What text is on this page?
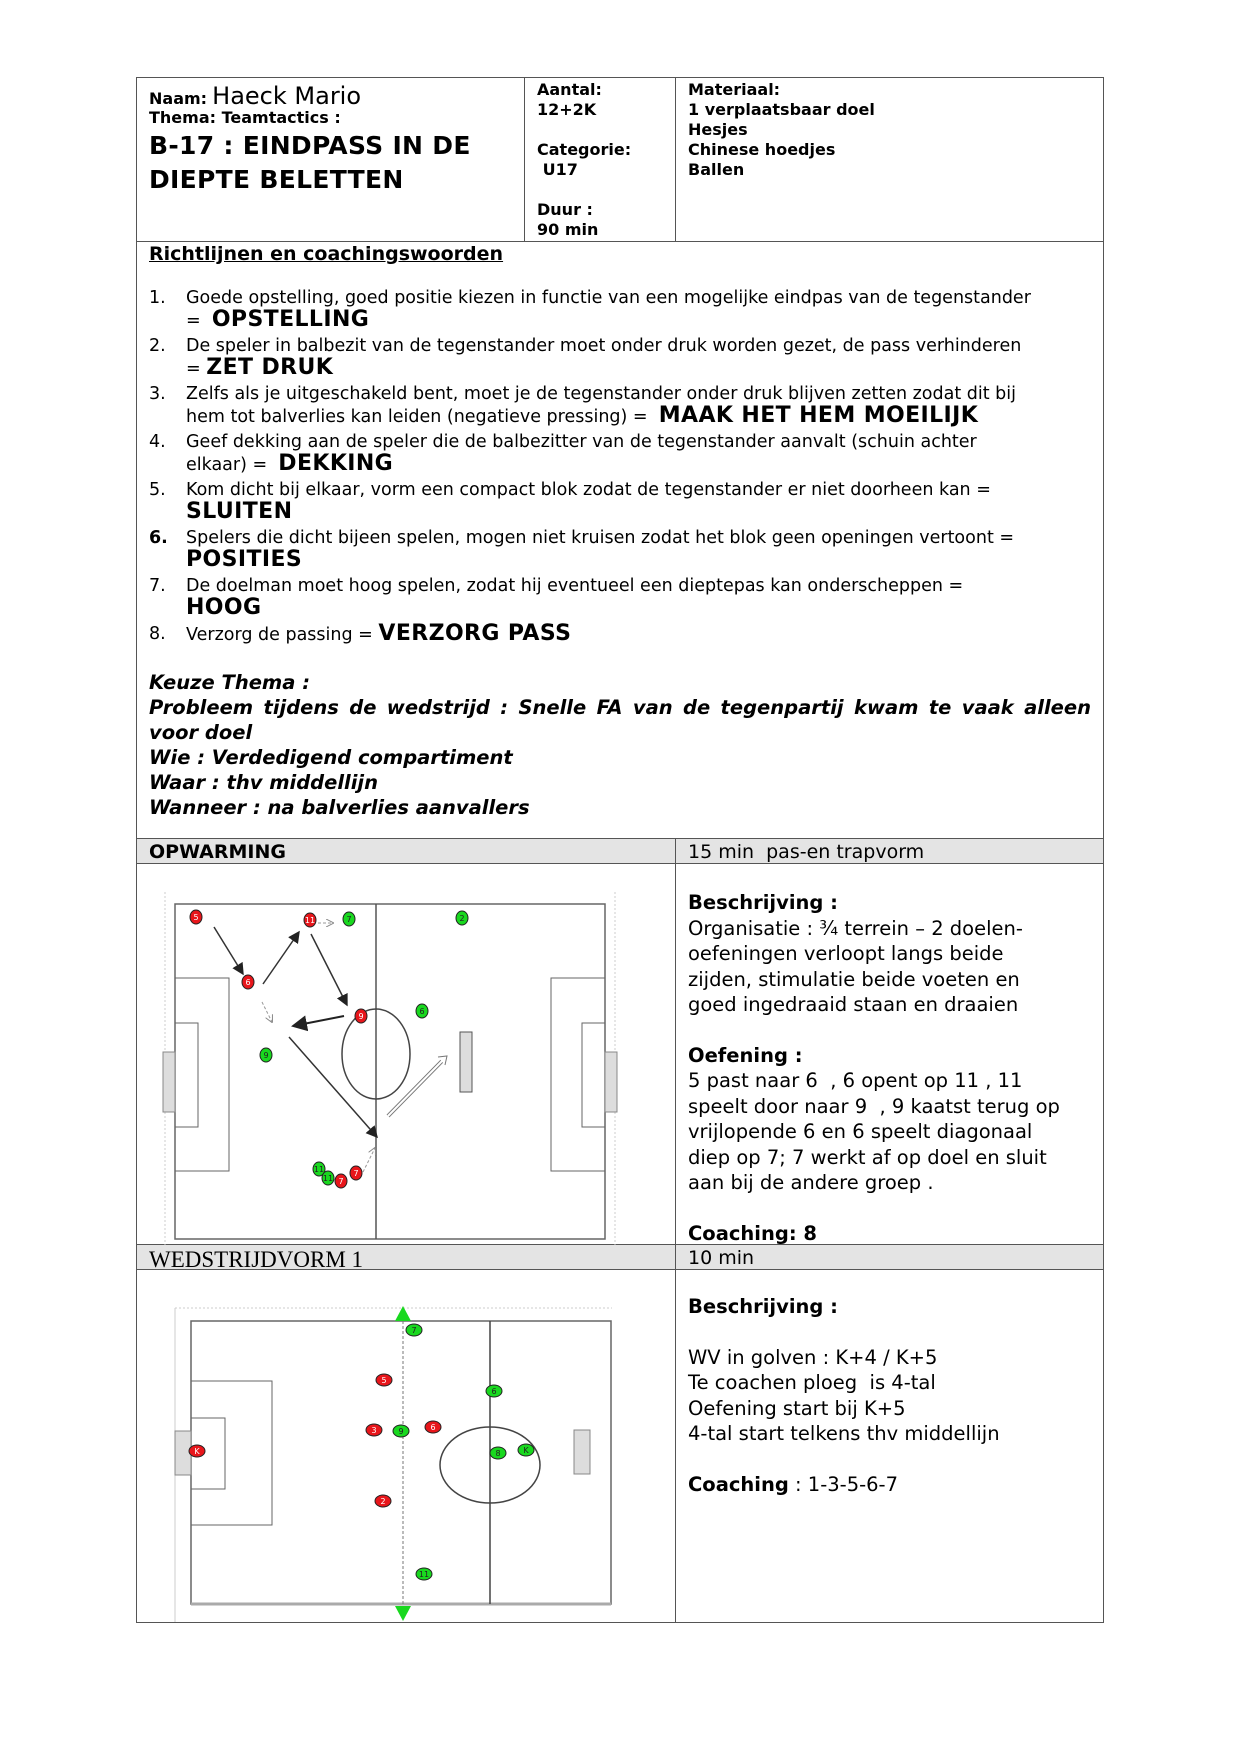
Naam: Haeck Mario
Thema: Teamtactics :
B-17 : EINDPASS IN DE
DIEPTE BELETTEN
Aantal:
12+2K
Categorie:
U17
Duur :
90 min
Materiaal:
1 verplaatsbaar doel
Hesjes
Chinese hoedjes
Ballen
Richtlijnen en coachingswoorden
1.	Goede opstelling, goed positie kiezen in functie van een mogelijke eindpas van de tegenstander
=  OPSTELLING
2.	De speler in balbezit van de tegenstander moet onder druk worden gezet, de pass verhinderen
= ZET DRUK
3.	Zelfs als je uitgeschakeld bent, moet je de tegenstander onder druk blijven zetten zodat dit bij
hem tot balverlies kan leiden (negatieve pressing) =  MAAK HET HEM MOEILIJK
4.	Geef dekking aan de speler die de balbezitter van de tegenstander aanvalt (schuin achter
elkaar) =  DEKKING
5.	Kom dicht bij elkaar, vorm een compact blok zodat de tegenstander er niet doorheen kan =
SLUITEN
6.	Spelers die dicht bijeen spelen, mogen niet kruisen zodat het blok geen openingen vertoont =
POSITIES
7.	De doelman moet hoog spelen, zodat hij eventueel een dieptepas kan onderscheppen =
HOOG
8.	Verzorg de passing = VERZORG PASS
Keuze Thema :
Probleem tijdens de wedstrijd : Snelle FA van de tegenpartij kwam te vaak alleen voor doel
Wie : Verdedigend compartiment
Waar : thv middellijn
Wanneer : na balverlies aanvallers
OPWARMING	15 min  pas-en trapvorm
5	11	7	2
6
9
6
9
11
11 7
7
Beschrijving :
Organisatie : ¾ terrein – 2 doelen-
oefeningen verloopt langs beide
zijden, stimulatie beide voeten en
goed ingedraaid staan en draaien
Oefening :
5 past naar 6  , 6 opent op 11 , 11
speelt door naar 9  , 9 kaatst terug op
vrijlopende 6 en 6 speelt diagonaal
diep op 7; 7 werkt af op doel en sluit
aan bij de andere groep .
Coaching: 8
WEDSTRIJDVORM 1	10 min
7
5
6
3	9	6
8
K	K
2
11
Beschrijving :
WV in golven : K+4 / K+5
Te coachen ploeg  is 4-tal
Oefening start bij K+5
4-tal start telkens thv middellijn
Coaching : 1-3-5-6-7
